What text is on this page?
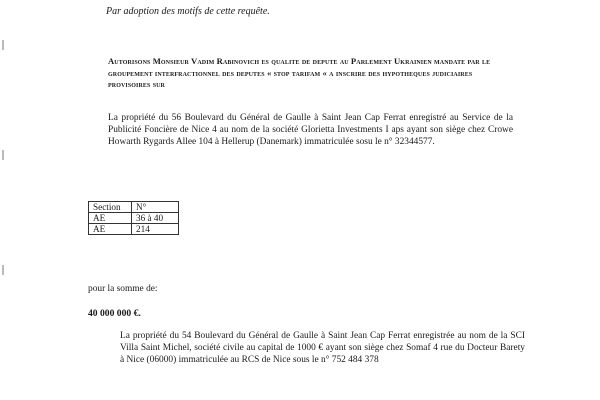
Par adoption des motifs de cette requête.
Autorisons Monsieur Vadim Rabinovich es qualite de depute au Parlement Ukrainien mandate par le groupement interfractionnel des deputes « stop tarifam « a inscrire des hypotheques judiciaires provisoires sur
La propriété du 56 Boulevard du Général de Gaulle à Saint Jean Cap Ferrat enregistré au Service de la Publicité Foncière de Nice 4 au nom de la société Glorietta Investments I aps ayant son siège chez Crowe Howarth Rygards Allee 104 à Hellerup (Danemark) immatriculée sosu le n° 32344577.
Section	N°
AE	36 à 40
AE	214
pour la somme de:
40 000 000 €.
La propriété du 54 Boulevard du Général de Gaulle à Saint Jean Cap Ferrat enregistrée au nom de la SCI Villa Saint Michel, société civile au capital de 1000 € ayant son siège chez Somaf 4 rue du Docteur Barety à Nice (06000) immatriculée au RCS de Nice sous le n° 752 484 378
